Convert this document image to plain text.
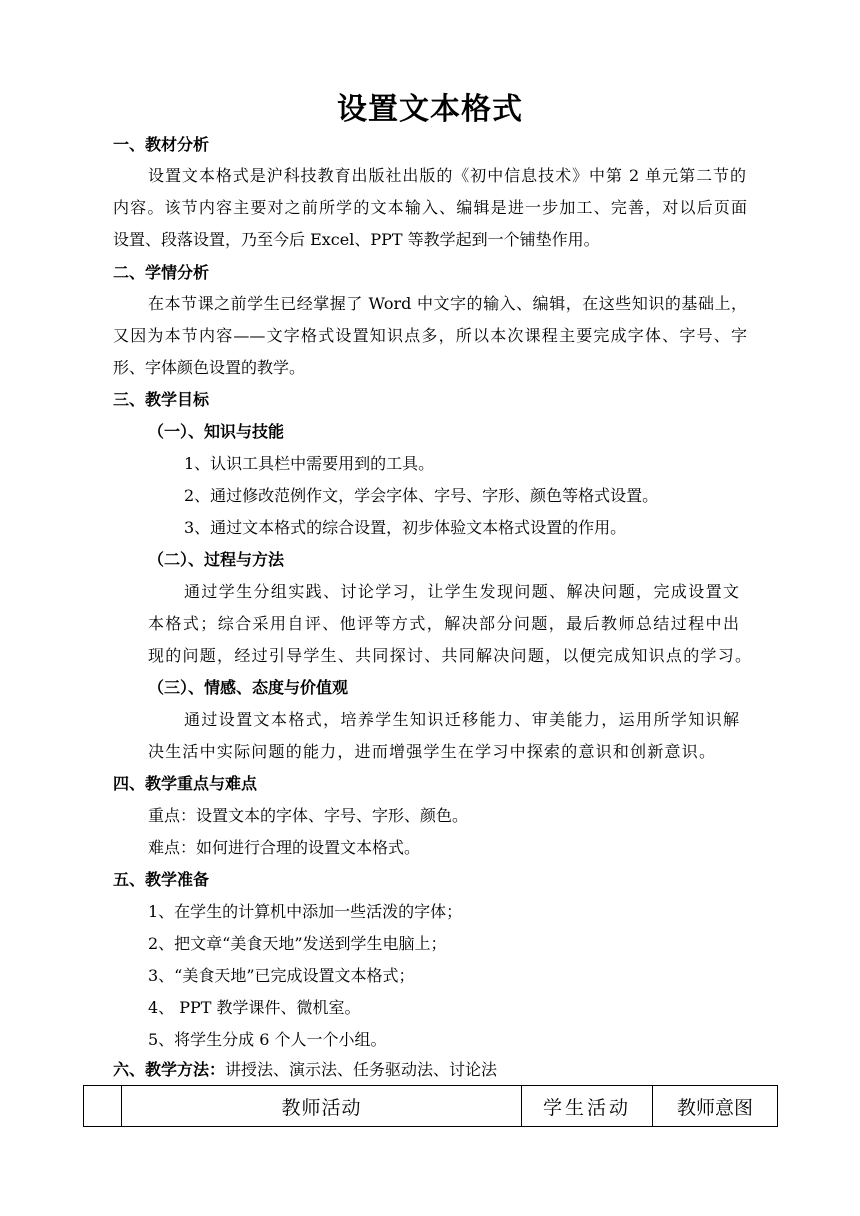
设置文本格式
一、教材分析
设置文本格式是沪科技教育出版社出版的《初中信息技术》中第 2 单元第二节的
内容。该节内容主要对之前所学的文本输入、编辑是进一步加工、完善，对以后页面
设置、段落设置，乃至今后 Excel、PPT 等教学起到一个铺垫作用。
二、学情分析
在本节课之前学生已经掌握了 Word 中文字的输入、编辑，在这些知识的基础上，
又因为本节内容——文字格式设置知识点多，所以本次课程主要完成字体、字号、字
形、字体颜色设置的教学。
三、教学目标
（一）、知识与技能
1、认识工具栏中需要用到的工具。
2、通过修改范例作文，学会字体、字号、字形、颜色等格式设置。
3、通过文本格式的综合设置，初步体验文本格式设置的作用。
（二）、过程与方法
通过学生分组实践、讨论学习，让学生发现问题、解决问题，完成设置文
本格式；综合采用自评、他评等方式，解决部分问题，最后教师总结过程中出
现的问题，经过引导学生、共同探讨、共同解决问题，以便完成知识点的学习。
（三）、情感、态度与价值观
通过设置文本格式，培养学生知识迁移能力、审美能力，运用所学知识解
决生活中实际问题的能力，进而增强学生在学习中探索的意识和创新意识。
四、教学重点与难点
重点：设置文本的字体、字号、字形、颜色。
难点：如何进行合理的设置文本格式。
五、教学准备
1、在学生的计算机中添加一些活泼的字体；
2、把文章“美食天地”发送到学生电脑上；
3、“美食天地”已完成设置文本格式；
4、 PPT 教学课件、微机室。
5、将学生分成 6 个人一个小组。
六、教学方法：讲授法、演示法、任务驱动法、讨论法
	教师活动	学生活动	教师意图
